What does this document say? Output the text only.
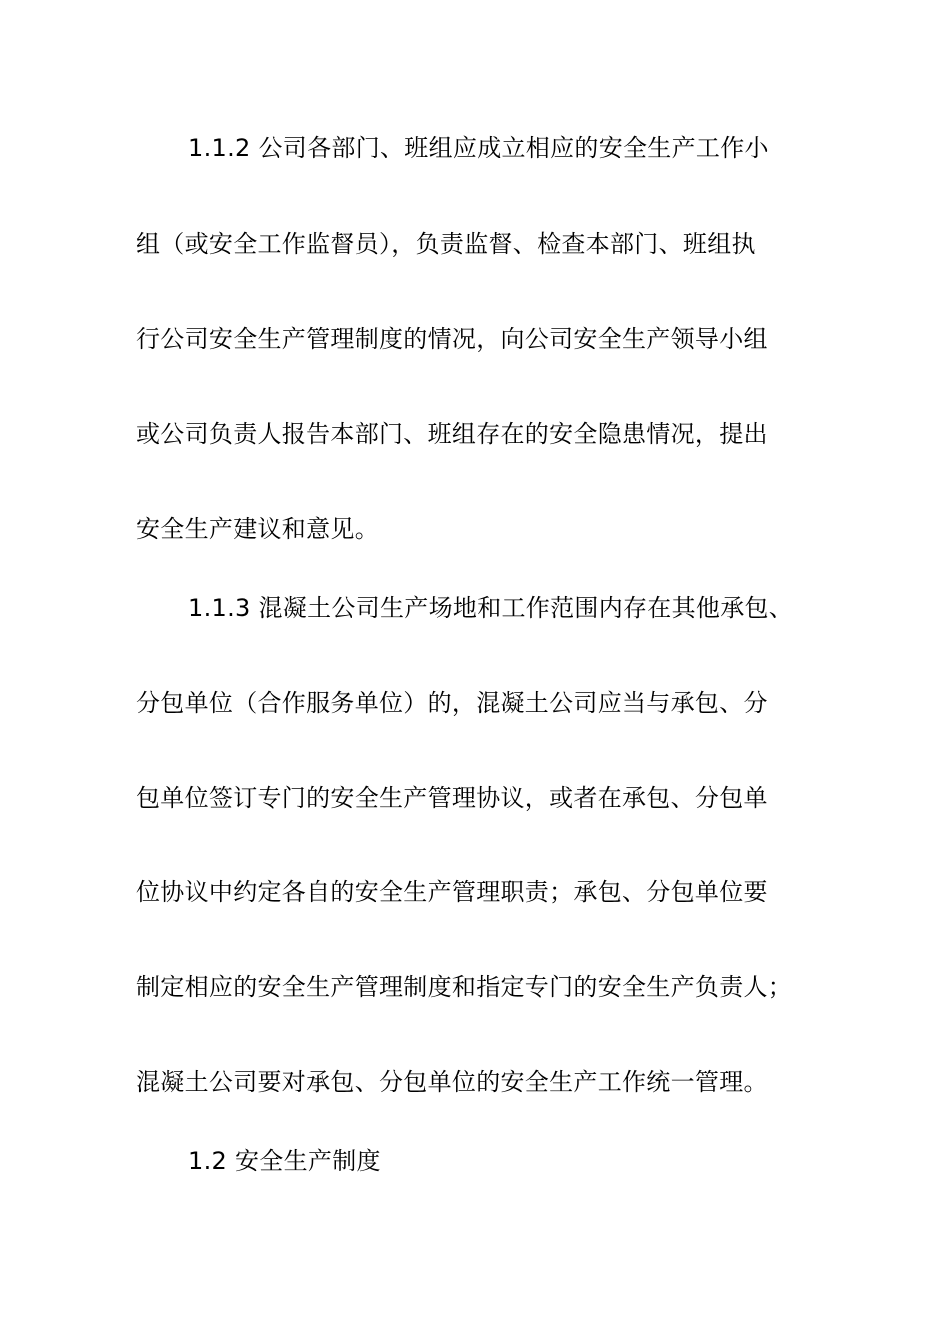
1.1.2 公司各部门、班组应成立相应的安全生产工作小
组（或安全工作监督员），负责监督、检查本部门、班组执
行公司安全生产管理制度的情况，向公司安全生产领导小组
或公司负责人报告本部门、班组存在的安全隐患情况，提出
安全生产建议和意见。
1.1.3 混凝土公司生产场地和工作范围内存在其他承包、
分包单位（合作服务单位）的，混凝土公司应当与承包、分
包单位签订专门的安全生产管理协议，或者在承包、分包单
位协议中约定各自的安全生产管理职责；承包、分包单位要
制定相应的安全生产管理制度和指定专门的安全生产负责人；
混凝土公司要对承包、分包单位的安全生产工作统一管理。
1.2 安全生产制度
